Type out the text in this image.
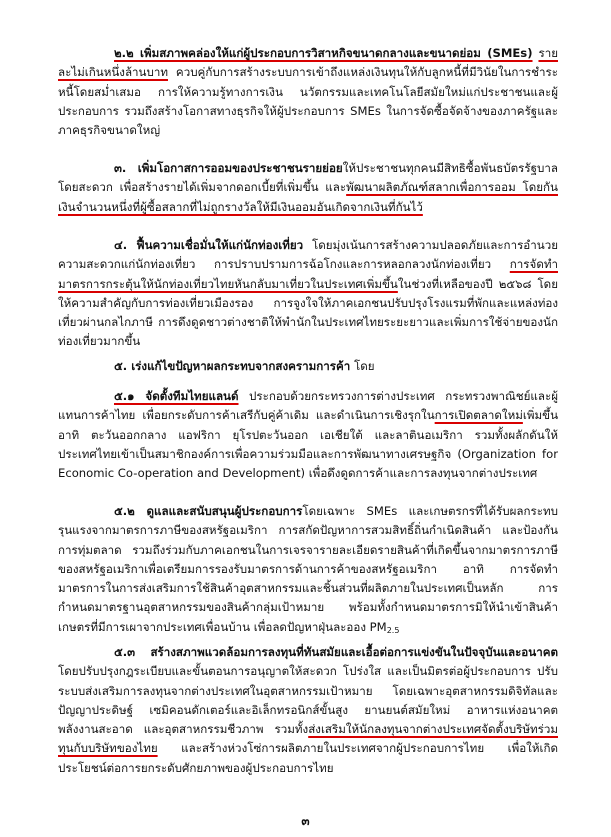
๒.๒ เพิ่มสภาพคล่องให้แก่ผู้ประกอบการวิสาหกิจขนาดกลางและขนาดย่อม (SMEs) รายละไม่เกินหนึ่งล้านบาท ควบคู่กับการสร้างระบบการเข้าถึงแหล่งเงินทุนให้กับลูกหนี้ที่มีวินัยในการชำระหนี้โดยสม่ำเสมอ การให้ความรู้ทางการเงิน นวัตกรรมและเทคโนโลยีสมัยใหม่แก่ประชาชนและผู้ประกอบการ รวมถึงสร้างโอกาสทางธุรกิจให้ผู้ประกอบการ SMEs ในการจัดซื้อจัดจ้างของภาครัฐและภาคธุรกิจขนาดใหญ่

๓. เพิ่มโอกาสการออมของประชาชนรายย่อยให้ประชาชนทุกคนมีสิทธิซื้อพันธบัตรรัฐบาลโดยสะดวก เพื่อสร้างรายได้เพิ่มจากดอกเบี้ยที่เพิ่มขึ้น และพัฒนาผลิตภัณฑ์สลากเพื่อการออม โดยกันเงินจำนวนหนึ่งที่ผู้ซื้อสลากที่ไม่ถูกรางวัลให้มีเงินออมอันเกิดจากเงินที่กันไว้

๔. ฟื้นความเชื่อมั่นให้แก่นักท่องเที่ยว โดยมุ่งเน้นการสร้างความปลอดภัยและการอำนวยความสะดวกแก่นักท่องเที่ยว การปราบปรามการฉ้อโกงและการหลอกลวงนักท่องเที่ยว การจัดทำมาตรการกระตุ้นให้นักท่องเที่ยวไทยหันกลับมาเที่ยวในประเทศเพิ่มขึ้นในช่วงที่เหลือของปี ๒๕๖๘ โดยให้ความสำคัญกับการท่องเที่ยวเมืองรอง การจูงใจให้ภาคเอกชนปรับปรุงโรงแรมที่พักและแหล่งท่องเที่ยวผ่านกลไกภาษี การดึงดูดชาวต่างชาติให้พำนักในประเทศไทยระยะยาวและเพิ่มการใช้จ่ายของนักท่องเที่ยวมากขึ้น

๕. เร่งแก้ไขปัญหาผลกระทบจากสงครามการค้า โดย

๕.๑ จัดตั้งทีมไทยแลนด์ ประกอบด้วยกระทรวงการต่างประเทศ กระทรวงพาณิชย์และผู้แทนการค้าไทย เพื่อยกระดับการค้าเสรีกับคู่ค้าเดิม และดำเนินการเชิงรุกในการเปิดตลาดใหม่เพิ่มขึ้น อาทิ ตะวันออกกลาง แอฟริกา ยุโรปตะวันออก เอเชียใต้ และลาตินอเมริกา รวมทั้งผลักดันให้ประเทศไทยเข้าเป็นสมาชิกองค์การเพื่อความร่วมมือและการพัฒนาทางเศรษฐกิจ (Organization for Economic Co-operation and Development) เพื่อดึงดูดการค้าและการลงทุนจากต่างประเทศ

๕.๒ ดูแลและสนับสนุนผู้ประกอบการโดยเฉพาะ SMEs และเกษตรกรที่ได้รับผลกระทบรุนแรงจากมาตรการภาษีของสหรัฐอเมริกา การสกัดปัญหาการสวมสิทธิ์ถิ่นกำเนิดสินค้า และป้องกันการทุ่มตลาด รวมถึงร่วมกับภาคเอกชนในการเจรจารายละเอียดรายสินค้าที่เกิดขึ้นจากมาตรการภาษีของสหรัฐอเมริกาเพื่อเตรียมการรองรับมาตรการด้านการค้าของสหรัฐอเมริกา อาทิ การจัดทำมาตรการในการส่งเสริมการใช้สินค้าอุตสาหกรรมและชิ้นส่วนที่ผลิตภายในประเทศเป็นหลัก การกำหนดมาตรฐานอุตสาหกรรมของสินค้ากลุ่มเป้าหมาย พร้อมทั้งกำหนดมาตรการมิให้นำเข้าสินค้าเกษตรที่มีการเผาจากประเทศเพื่อนบ้าน เพื่อลดปัญหาฝุ่นละออง $PM_{2.5}$

๕.๓ สร้างสภาพแวดล้อมการลงทุนที่ทันสมัยและเอื้อต่อการแข่งขันในปัจจุบันและอนาคต โดยปรับปรุงกฎระเบียบและขั้นตอนการอนุญาตให้สะดวก โปร่งใส และเป็นมิตรต่อผู้ประกอบการ ปรับระบบส่งเสริมการลงทุนจากต่างประเทศในอุตสาหกรรมเป้าหมาย โดยเฉพาะอุตสาหกรรมดิจิทัลและปัญญาประดิษฐ์ เซมิคอนดักเตอร์และอิเล็กทรอนิกส์ขั้นสูง ยานยนต์สมัยใหม่ อาหารแห่งอนาคต พลังงานสะอาด และอุตสาหกรรมชีวภาพ รวมทั้งส่งเสริมให้นักลงทุนจากต่างประเทศจัดตั้งบริษัทร่วมทุนกับบริษัทของไทย และสร้างห่วงโซ่การผลิตภายในประเทศจากผู้ประกอบการไทย เพื่อให้เกิดประโยชน์ต่อการยกระดับศักยภาพของผู้ประกอบการไทย

๓
